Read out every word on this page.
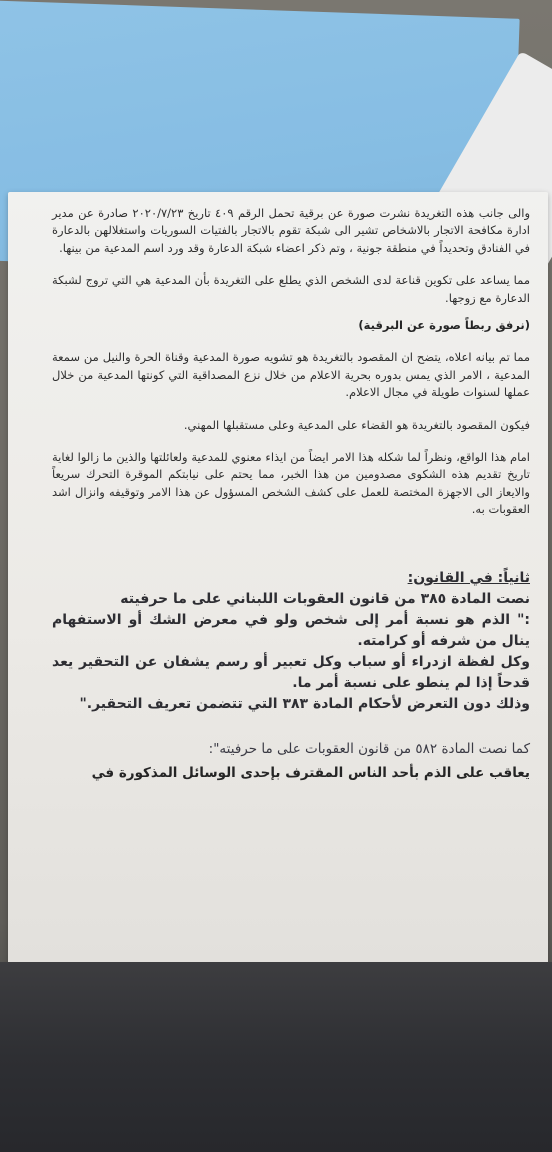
والى جانب هذه التغريدة نشرت صورة عن برقية تحمل الرقم ٤٠٩ تاريخ ٢٠٢٠/٧/٢٣ صادرة عن مدير ادارة مكافحة الاتجار بالاشخاص تشير الى شبكة تقوم بالاتجار بالفتيات السوريات واستغلالهن بالدعارة في الفنادق وتحديداً في منطقة جونية ، وتم ذكر اعضاء شبكة الدعارة وقد ورد اسم المدعية من بينها.

مما يساعد على تكوين قناعة لدى الشخص الذي يطلع على التغريدة بأن المدعية هي التي تروج لشبكة الدعارة مع زوجها.

(نرفق ربطاً صورة عن البرقية)

مما تم بيانه اعلاه، يتضح ان المقصود بالتغريدة هو تشويه صورة المدعية وقناة الحرة والنيل من سمعة المدعية ، الامر الذي يمس بدوره بحرية الاعلام من خلال نزع المصداقية التي كونتها المدعية من خلال عملها لسنوات طويلة في مجال الاعلام.

فيكون المقصود بالتغريدة هو القضاء على المدعية وعلى مستقبلها المهني.

امام هذا الواقع، ونظراً لما شكله هذا الامر ايضاً من ايذاء معنوي للمدعية ولعائلتها والذين ما زالوا لغاية تاريخ تقديم هذه الشكوى مصدومين من هذا الخبر، مما يحتم على نيابتكم الموقرة التحرك سريعاً والايعاز الى الاجهزة المختصة للعمل على كشف الشخص المسؤول عن هذا الامر وتوقيفه وانزال اشد العقوبات به.

ثانياً: في القانون:
نصت المادة ٣٨٥ من قانون العقوبات اللبناني على ما حرفيته
:" الذم هو نسبة أمر إلى شخص ولو في معرض الشك أو الاستفهام ينال من شرفه أو كرامته.
وكل لفظة ازدراء أو سباب وكل تعبير أو رسم يشفان عن التحقير يعد قدحاً إذا لم ينطو على نسبة أمر ما.
وذلك دون التعرض لأحكام المادة ٣٨٣ التي تتضمن تعريف التحقير."
كما نصت المادة ٥٨٢ من قانون العقوبات على ما حرفيته":
يعاقب على الذم بأحد الناس المقترف بإحدى الوسائل المذكورة في
